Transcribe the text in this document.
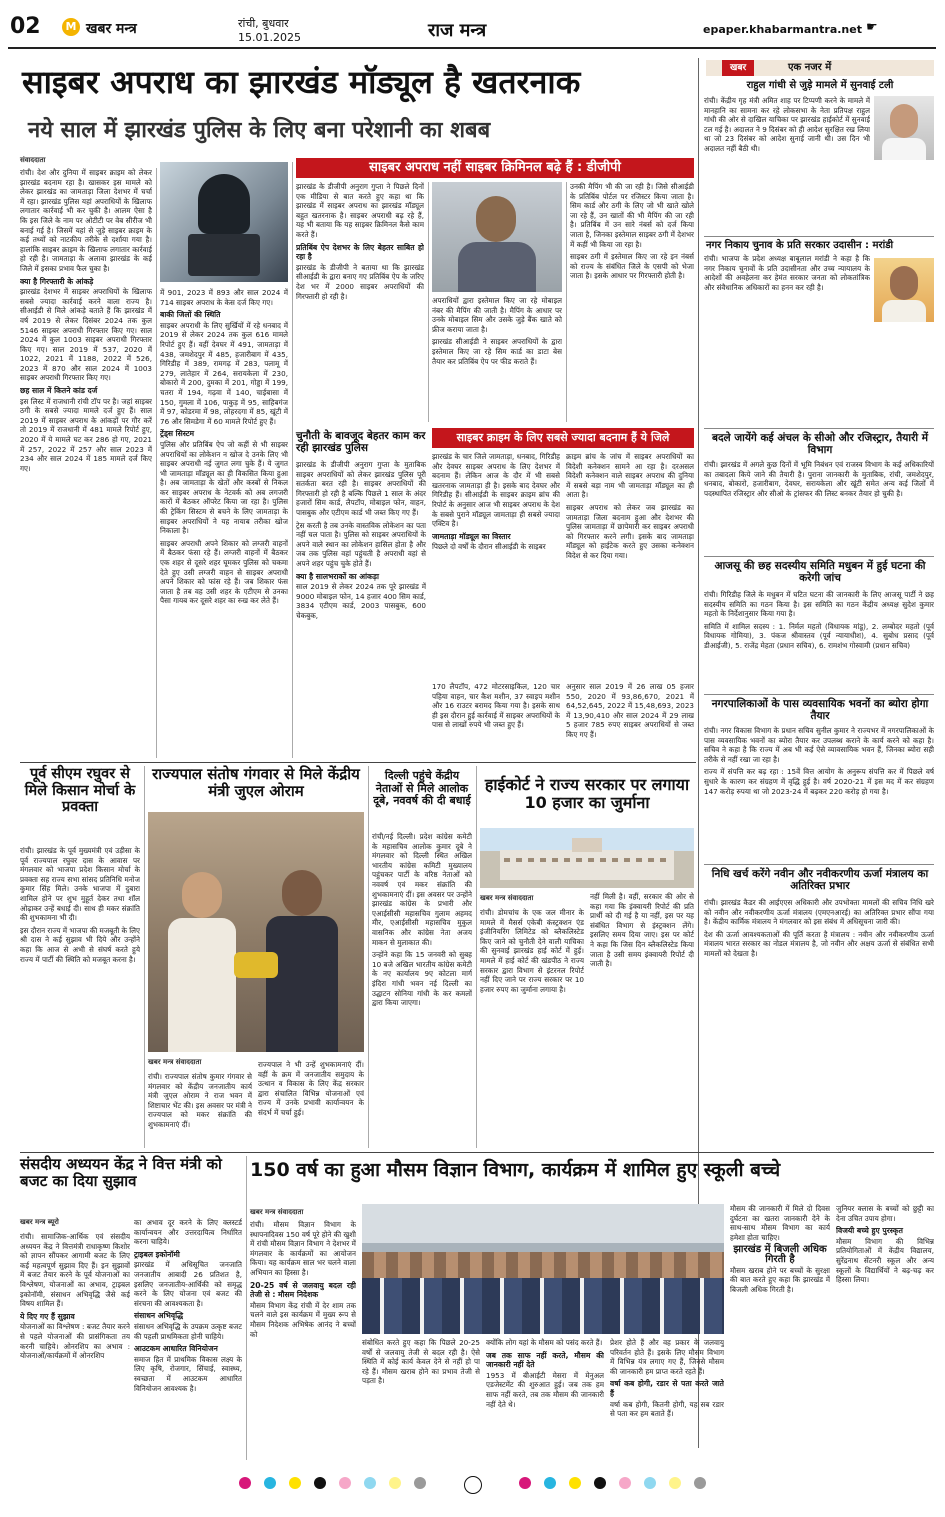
02	M खबर मन्त्र	रांची, बुधवार
15.01.2025	राज मन्त्र	epaper.khabarmantra.net ☛
साइबर अपराध का झारखंड मॉड्यूल है खतरनाक
नये साल में झारखंड पुलिस के लिए बना परेशानी का शबब
संवाददाता

रांची। देश और दुनिया में साइबर क्राइम को लेकर झारखंड बदनाम रहा है। खासकर इस मामले को लेकर झारखंड का जामताड़ा जिला देशभर में चर्चा में रहा। झारखंड पुलिस यहां अपराधियों के खिलाफ लगातार कार्रवाई भी कर चुकी है। आलम ऐसा है कि इस जिले के नाम पर ओटीटी पर वेब सीरीज भी बनाई गई है। जिसमें यहां से जुड़े साइबर क्राइम के कई तथ्यों को नाटकीय तरीके से दर्शाया गया है। हालांकि साइबर क्राइम के खिलाफ लगातार कार्रवाई हो रही है। जामताड़ा के अलावा झारखंड के कई जिले में इसका प्रभाव फैल चुका है।

क्या है गिरफ्तारी के आंकड़े

झारखंड देशभर में साइबर अपराधियों के खिलाफ सबसे ज्यादा कार्रवाई करने वाला राज्य है। सीआईडी से मिले आंकड़े बताते हैं कि झारखंड में वर्ष 2019 से लेकर दिसंबर 2024 तक कुल 5146 साइबर अपराधी गिरफ्तार किए गए। साल 2024 में कुल 1003 साइबर अपराधी गिरफ्तार किए गए। साल 2019 में 537, 2020 में 1022, 2021 में 1188, 2022 में 526, 2023 में 870 और साल 2024 में 1003 साइबर अपराधी गिरफ्तार किए गए।

छह साल में कितने कांड दर्ज

इस लिस्ट में राजधानी रांची टॉप पर है। जहां साइबर ठगी के सबसे ज्यादा मामले दर्ज हुए हैं। साल 2019 में साइबर अपराध के आंकड़ों पर गौर करें तो 2019 में राजधानी में 481 मामले रिपोर्ट हुए, 2020 में ये मामले घट कर 286 हो गए, 2021 में 257, 2022 में 257 और साल 2023 में 234 और साल 2024 में 185 मामले दर्ज किए गए।

में 901, 2023 में 893 और साल 2024 में 714 साइबर अपराध के केस दर्ज किए गए।

बाकी जिलों की स्थिति

साइबर अपराधी के लिए सुर्खियों में रहे धनबाद में 2019 से लेकर 2024 तक कुल 616 मामले रिपोर्ट हुए हैं। वहीं देवघर में 491, जामताड़ा में 438, जमशेदपुर में 485, हजारीबाग में 435, गिरिडीह में 389, रामगढ़ में 283, पलामू में 279, लातेहार में 264, सरायकेला में 230, बोकारो में 200, दुमका में 201, गोड्डा में 199, चतरा में 194, गढ़वा में 140, चाईबासा में 150, गुमला में 106, पाकुड़ में 95, साहिबगंज में 97, कोडरमा में 98, लोहरदगा में 85, खूंटी में 76 और सिमडेगा में 60 मामले रिपोर्ट हुए हैं।

ट्रेंड्स सिस्टम

पुलिस और प्रतिबिंब ऐप जो कहीं से भी साइबर अपराधियों का लोकेशन न खोज दे उनके लिए भी साइबर अपराधी नई जुगत लगा चुके हैं। ये जुगत भी जामताड़ा मॉड्यूल का ही विकसित किया हुआ है। अब जामताड़ा के खेतों और कस्बों से निकल कर साइबर अपराध के नेटवर्क को अब लगजरी कारों में बैठकर ऑपरेट किया जा रहा है। पुलिस की ट्रेकिंग सिस्टम से बचने के लिए जामताड़ा के साइबर अपराधियों ने यह नायाब तरीका खोज निकाला है।

साइबर अपराधी अपने शिकार को लग्जरी वाहनों में बैठकर फंसा रहे हैं। लग्जरी वाहनों में बैठकर एक शहर से दूसरे शहर घूमकर पुलिस को चकमा देते हुए उसी लग्जरी वाहन से साइबर अपराधी अपने शिकार को फांस रहे हैं। जब शिकार फंस जाता है तब वह उसी शहर के एटीएम से उनका पैसा गायब कर दूसरे शहर का रुख कर लेते हैं।

साइबर अपराध नहीं साइबर क्रिमिनल बढ़े हैं : डीजीपी

झारखंड के डीजीपी अनुराग गुप्ता ने पिछले दिनों एक मीडिया से बात करते हुए कहा था कि झारखंड में साइबर अपराध का झारखंड मॉड्यूल बहुत खतरनाक है। साइबर अपराधी बढ़ रहे हैं, यह भी बताया कि यह साइबर क्रिमिनल कैसे काम करते हैं।

प्रतिबिंब ऐप देशभर के लिए बेहतर साबित हो रहा है

झारखंड के डीजीपी ने बताया था कि झारखंड सीआईडी के द्वारा बनाए गए प्रतिबिंब ऐप के जरिए देश भर में 2000 साइबर अपराधियों की गिरफ्तारी हो रही है।	अपराधियों द्वारा इस्तेमाल किए जा रहे मोबाइल नंबर की मैपिंग की जाती है। मैपिंग के आधार पर उनके मोबाइल सिम और उसके जुड़े बैंक खाते को फ्रीज कराया जाता है।

झारखंड सीआईडी ने साइबर अपराधियों के द्वारा इस्तेमाल किए जा रहे सिम कार्ड का डाटा बेस तैयार कर प्रतिबिंब ऐप पर फीड कराते हैं।

उनकी मैपिंग भी की जा रही है। जिसे सीआईडी के प्रतिबिंब पोर्टल पर रजिस्टर किया जाता है। सिम कार्ड और ठगी के लिए जो भी खाते खोले जा रहे हैं, उन खातों की भी मैपिंग की जा रही है। प्रतिबिंब में उन सारे नंबर्स को दर्ज किया जाता है, जिनका इस्तेमाल साइबर ठगी में देशभर में कहीं भी किया जा रहा है।

साइबर ठगी में इस्तेमाल किए जा रहे इन नंबर्स को राज्य के संबंधित जिले के एसपी को भेजा जाता है। इसके आधार पर गिरफ्तारी होती है।

चुनौती के बावजूद बेहतर काम कर रही झारखंड पुलिस

झारखंड के डीजीपी अनुराग गुप्ता के मुताबिक साइबर अपराधियों को लेकर झारखंड पुलिस पूरी सतर्कता बरत रही है। साइबर अपराधियों की गिरफ्तारी हो रही है बल्कि पिछले 1 साल के अंदर हजारों सिम कार्ड, लैपटॉप, मोबाइल फोन, वाहन, पासबुक और एटीएम कार्ड भी जब्त किए गए हैं।

ट्रेस करती है तब उनके वास्तविक लोकेशन का पता नहीं चल पाता है। पुलिस को साइबर अपराधियों के अपने वाले स्थान का लोकेशन हासिल होता है और जब तक पुलिस वहां पहुंचती है अपराधी वहां से अपने शहर पहुंच चुके होते हैं।

क्या है सालभराकों का आंकड़ा

साल 2019 से लेकर 2024 तक पूरे झारखंड में 9000 मोबाइल फोन, 14 हजार 400 सिम कार्ड, 3834 एटीएम कार्ड, 2003 पासबुक, 600 चेकबुक,

साइबर क्राइम के लिए सबसे ज्यादा बदनाम हैं ये जिले

झारखंड के चार जिले जामताड़ा, धनबाद, गिरिडीह और देवघर साइबर अपराध के लिए देशभर में बदनाम हैं। लेकिन आज के दौर में भी सबसे खतरनाक जामताड़ा ही है। इसके बाद देवघर और गिरिडीह हैं। सीआईडी के साइबर क्राइम ब्रांच की रिपोर्ट के अनुसार आज भी साइबर अपराध के देश के सबसे पुराने मॉड्यूल जामताड़ा ही सबसे ज्यादा एक्टिव है।

जामताड़ा मॉड्यूल का विस्तार

पिछले दो वर्षों के दौरान सीआईडी के साइबर

क्राइम ब्रांच के जांच में साइबर अपराधियों का विदेशी कनेक्शन सामने आ रहा है। दरअसल विदेशी कनेक्शन वाले साइबर अपराध की दुनिया में सबसे बड़ा नाम भी जामताड़ा मॉड्यूल का ही आता है।

साइबर अपराध को लेकर जब झारखंड का जामताड़ा जिला बदनाम हुआ और देशभर की पुलिस जामताड़ा में छापेमारी कर साइबर अपराधी को गिरफ्तार करने लगी। इसके बाद जामताड़ा मॉड्यूल को हाईटेक करते हुए उसका कनेक्शन विदेश से कर दिया गया।

170 लैपटॉप, 472 मोटरसाइकिल, 120 चार पहिया वाहन, चार कैश मशीन, 37 स्वाइप मशीन और 16 राउटर बरामद किया गया है। इसके साथ ही इस दौरान हुई कार्रवाई में साइबर अपराधियों के पास से लाखों रुपये भी जब्त हुए हैं।

अनुसार साल 2019 में 26 लाख 05 हजार 550, 2020 में 93,86,670, 2021 में 64,52,645, 2022 में 15,48,693, 2023 में 13,90,410 और साल 2024 में 29 लाख 5 हजार 785 रुपए साइबर अपराधियों से जब्त किए गए हैं।

खबर	एक नजर में
राहुल गांधी से जुड़े मामले में सुनवाई टली
रांची। केंद्रीय गृह मंत्री अमित शाह पर टिप्पणी करने के मामले में मानहानि का सामना कर रहे लोकसभा के नेता प्रतिपक्ष राहुल गांधी की ओर से दाखिल याचिका पर झारखंड हाईकोर्ट में सुनवाई टल गई है। अदालत ने 9 दिसंबर को ही आदेश सुरक्षित रख लिया था जो 23 दिसंबर को आदेश सुनाई जानी थी। उस दिन भी अदालत नहीं बैठी थी।
नगर निकाय चुनाव के प्रति सरकार उदासीन : मरांडी
रांची। भाजपा के प्रदेश अध्यक्ष बाबूलाल मरांडी ने कहा है कि नगर निकाय चुनावों के प्रति उदासीनता और उच्च न्यायालय के आदेशों की अवहेलना कर हेमंत सरकार जनता को लोकतांत्रिक और संवैधानिक अधिकारों का हनन कर रही है।
बदले जायेंगे कई अंचल के सीओ और रजिस्ट्रार, तैयारी में विभाग
रांची। झारखंड में अगले कुछ दिनों में भूमि निबंधन एवं राजस्व विभाग के कई अधिकारियों का तबादला किये जाने की तैयारी है। पुराना जानकारी के मुताबिक, रांची, जमशेदपुर, धनबाद, बोकारो, हजारीबाग, देवघर, सरायकेला और खूंटी समेत अन्य कई जिलों में पदस्थापित रजिस्ट्रार और सीओ के ट्रांसफर की लिस्ट बनकर तैयार हो चुकी है।
आजसू की छह सदस्यीय समिति मधुबन में हुई घटना की करेगी जांच

रांची। गिरिडीह जिले के मधुबन में घटित घटना की जानकारी के लिए आजसू पार्टी ने छह सदस्यीय समिति का गठन किया है। इस समिति का गठन केंद्रीय अध्यक्ष सुदेश कुमार महतो के निर्देशानुसार किया गया है।

समिति में शामिल सदस्य : 1. निर्मल महतो (विधायक मांडू), 2. लम्बोदर महतो (पूर्व विधायक गोमिया), 3. पंकज श्रीवास्तव (पूर्व न्यायाधीश), 4. सुबोध प्रसाद (पूर्व डीआईजी), 5. राजेंद्र मेहता (प्रधान सचिव), 6. रामशंभ गोस्वामी (प्रधान सचिव)

नगरपालिकाओं के पास व्यवसायिक भवनों का ब्योरा होगा तैयार

रांची। नगर विकास विभाग के प्रधान सचिव सुनील कुमार ने राज्यभर में नगरपालिकाओं के पास व्यवसायिक भवनों का ब्योरा तैयार कर उपलब्ध कराने के कार्य करने को कहा है। सचिव ने कहा है कि राज्य में अब भी कई ऐसे व्यावसायिक भवन हैं, जिनका ब्योरा सही तरीके से नहीं रखा जा रहा है।

राज्य में संपत्ति कर बढ़ रहा : 15वें वित्त आयोग के अनुरूप संपत्ति कर में पिछले वर्ष सुधारे के कारण कर संग्रहण में वृद्धि हुई है। वर्ष 2020-21 में इस मद में कर संग्रहण 147 करोड़ रुपया था जो 2023-24 में बढ़कर 220 करोड़ हो गया है।

निधि खर्च करेंगे नवीन और नवीकरणीय ऊर्जा मंत्रालय का अतिरिक्त प्रभार

रांची। झारखंड कैडर की आईएएस अधिकारी और उपभोक्ता मामलों की सचिव निधि खरे को नवीन और नवीकरणीय ऊर्जा मंत्रालय (एमएनआरई) का अतिरिक्त प्रभार सौंपा गया है। केंद्रीय कार्मिक मंत्रालय ने मंगलवार को इस संबंध में अधिसूचना जारी की।

देश की ऊर्जा आवश्यकताओं की पूर्ति करता है मंत्रालय : नवीन और नवीकरणीय ऊर्जा मंत्रालय भारत सरकार का नोडल मंत्रालय है, जो नवीन और अक्षय ऊर्जा से संबंधित सभी मामलों को देखता है।

पूर्व सीएम रघुवर से मिले किसान मोर्चा के प्रवक्ता

रांची। झारखंड के पूर्व मुख्यमंत्री एवं उड़ीसा के पूर्व राज्यपाल रघुवर दास के आवास पर मंगलवार को भाजपा प्रदेश किसान मोर्चा के प्रवक्ता सह राज्य सभा सांसद प्रतिनिधि मनोज कुमार सिंह मिले। उनके भाजपा में दुबारा शामिल होने पर शुभ मुहूर्त देकर तथा शॉल ओढ़ाकर उन्हें बधाई दी। साथ ही मकर संक्रांति की शुभकामना भी दी।

इस दौरान राज्य में भाजपा की मजबूती के लिए श्री दास ने कई सुझाव भी दिये और उन्होंने कहा कि आज से अभी से संघर्ष करते हुये राज्य में पार्टी की स्थिति को मजबूत करना है।

राज्यपाल संतोष गंगवार से मिले केंद्रीय मंत्री जुएल ओराम
खबर मन्त्र संवाददाता
रांची। राज्यपाल संतोष कुमार गंगवार से मंगलवार को केंद्रीय जनजातीय कार्य मंत्री जुएल ओराम ने राज भवन में शिष्टाचार भेंट की। इस अवसर पर मंत्री ने राज्यपाल को मकर संक्रांति की शुभकामनाएं दीं।
राज्यपाल ने भी उन्हें शुभकामनाएं दीं। वहीं के क्रम में जनजातीय समुदाय के उत्थान व विकास के लिए केंद्र सरकार द्वारा संचालित विभिन्न योजनाओं एवं राज्य में उनके प्रभावी कार्यान्वयन के संदर्भ में चर्चा हुई।
दिल्ली पहुंचे केंद्रीय नेताओं से मिले आलोक दूबे, नववर्ष की दी बधाई

रांची/नई दिल्ली। प्रदेश कांग्रेस कमेटी के महासचिव आलोक कुमार दूबे ने मंगलवार को दिल्ली स्थित अखिल भारतीय कांग्रेस कमिटी मुख्यालय पहुंचकर पार्टी के वरिष्ठ नेताओं को नववर्ष एवं मकर संक्रांति की शुभकामनाएं दीं। इस अवसर पर उन्होंने झारखंड कांग्रेस के प्रभारी और एआईसीसी महासचिव गुलाम अहमद मीर, एआईसीसी महासचिव मुकुल वासनिक और कांग्रेस नेता अजय माकन से मुलाकात की।

उन्होंने कहा कि 15 जनवरी को सुबह 10 बजे अखिल भारतीय कांग्रेस कमेटी के नए कार्यालय 9ए कोटला मार्ग इंदिरा गांधी भवन नई दिल्ली का उद्घाटन सोनिया गांधी के कर कमलों द्वारा किया जाएगा।

हाईकोर्ट ने राज्य सरकार पर लगाया 10 हजार का जुर्माना
खबर मन्त्र संवाददाता
रांची। डोमचांच के एक जल मीनार के मामले में मैसर्स एकेबी कंस्ट्रक्शन एंड इंजीनियरिंग लिमिटेड को ब्लैकलिस्टेड किए जाने को चुनौती देने वाली याचिका की सुनवाई झारखंड हाई कोर्ट में हुई। मामले में हाई कोर्ट की खंडपीठ ने राज्य सरकार द्वारा विभाग से इंटरनल रिपोर्ट नहीं दिए जाने पर राज्य सरकार पर 10 हजार रुपए का जुर्माना लगाया है।
नहीं मिली है। वहीं, सरकार की ओर से कहा गया कि इंक्वायरी रिपोर्ट की प्रति प्रार्थी को दी गई है या नहीं, इस पर यह संबंधित विभाग से इंस्ट्रक्शन लेंगे। इसलिए समय दिया जाए। इस पर कोर्ट ने कहा कि जिस दिन ब्लैकलिस्टेड किया जाता है उसी समय इंक्वायरी रिपोर्ट दी जाती है।
संसदीय अध्ययन केंद्र ने वित्त मंत्री को बजट का दिया सुझाव
खबर मन्त्र ब्यूरो

रांची। सामाजिक-आर्थिक एवं संसदीय अध्ययन केंद्र ने वित्तमंत्री राधाकृष्ण किशोर को ज्ञापन सौंपकर आगामी बजट के लिए कई महत्वपूर्ण सुझाव दिए हैं। इन सुझावों में बजट तैयार करने के पूर्व योजनाओं का विश्लेषण, योजनाओं का अभाव, ट्राइबल इकोनॉमी, संसाधन अभिवृद्धि जैसे कई विषय शामिल हैं।

ये दिए गए हैं सुझाव

योजनाओं का विश्लेषण : बजट तैयार करने से पहले योजनाओं की प्रासंगिकता तय करनी चाहिये। ओनरशिप का अभाव : योजनाओं/कार्यक्रमों में ओनरशिप

का अभाव दूर करने के लिए क्लस्टर्ड कार्यान्वयन और उत्तरदायित्व निर्धारित करना चाहिये।

ट्राइबल इकोनॉमी

झारखंड में अधिसूचित जनजाति जनजातीय आबादी 26 प्रतिशत है, इसलिए जनजातीय-आर्थिकी को समृद्ध करने के लिए योजना एवं बजट की संरचना की आवश्यकता है।

संसाधन अभिवृद्धि

संसाधन अभिवृद्धि के उपक्रम उत्कृष्ट बजट की पहली प्राथमिकता होनी चाहिये।

आउटकम आधारित विनियोजन

समाज हित में प्राथमिक विकास लक्ष्य के लिए कृषि, रोजगार, सिंचाई, स्वास्थ्य, स्वच्छता में आउटकम आधारित विनियोजन आवश्यक है।

150 वर्ष का हुआ मौसम विज्ञान विभाग, कार्यक्रम में शामिल हुए स्कूली बच्चे
खबर मन्त्र संवाददाता

रांची। मौसम विज्ञान विभाग के स्थापनादिवस 150 वर्ष पूरे होने की खुशी में रांची मौसम विज्ञान विभाग ने देशभर में मंगलवार के कार्यक्रमों का आयोजन किया। यह कार्यक्रम साल भर चलने वाला अभियान का हिस्सा है।

20-25 वर्ष से जलवायु बदल रही तेजी से : मौसम निदेशक

मौसम विभाग केंद्र रांची में देर शाम तक चलने वाले इस कार्यक्रम में मुख्य रूप से मौसम निदेशक अभिषेक आनंद ने बच्चों को

संबोधित करते हुए कहा कि पिछले 20-25 वर्षों से जलवायु तेजी से बदल रही है। ऐसे स्थिति में कोई कार्य केवल देने से नहीं हो पा रहे हैं। मौसम खराब होने का प्रभाव तेजी से पड़ता है।

क्योंकि लोग यहां के मौसम को पसंद करते हैं।

जब तक साफ नहीं करते, मौसम की जानकारी नहीं देते

1953 में बीआईटी मेसरा में मेनुअल एडजेस्टमेंट की शुरुआत हुई। जब तक हम साफ नहीं करते, तब तक मौसम की जानकारी नहीं देते थे।

प्रेशर होते हैं और वह प्रकार के जलवायु परिवर्तन होते हैं। इसके लिए मौसम विभाग में विभिन्न यंत्र लगाए गए हैं, जिनसे मौसम की जानकारी हम प्राप्त करते रहते हैं।

वर्षा कब होगी, रडार से पता करते जाते हैं

वर्षा कब होगी, कितनी होगी, यह सब रडार से पता कर हम बताते हैं।

मौसम की जानकारी में मिले दो दिवस दुर्घटना का खतरा जानकारी देने के साथ-साथ मौसम विभाग का कार्य हमेशा होता चाहिए।

झारखंड में बिजली अधिक गिरती है

मौसम खराब होने पर बच्चों के सुरक्षा की बात करते हुए कहा कि झारखंड में बिजली अधिक गिरती है।

जुनियर क्लास के बच्चों को छुट्टी का देना उचित उपाय होगा।

विजयी बच्चे हुए पुरस्कृत

मौसम विभाग की विभिन्न प्रतियोगिताओं में केंद्रीय विद्यालय, सुरेंद्रनाथ सेंटनरी स्कूल और अन्य स्कूलों के विद्यार्थियों ने बढ़-चढ़ कर हिस्सा लिया।
